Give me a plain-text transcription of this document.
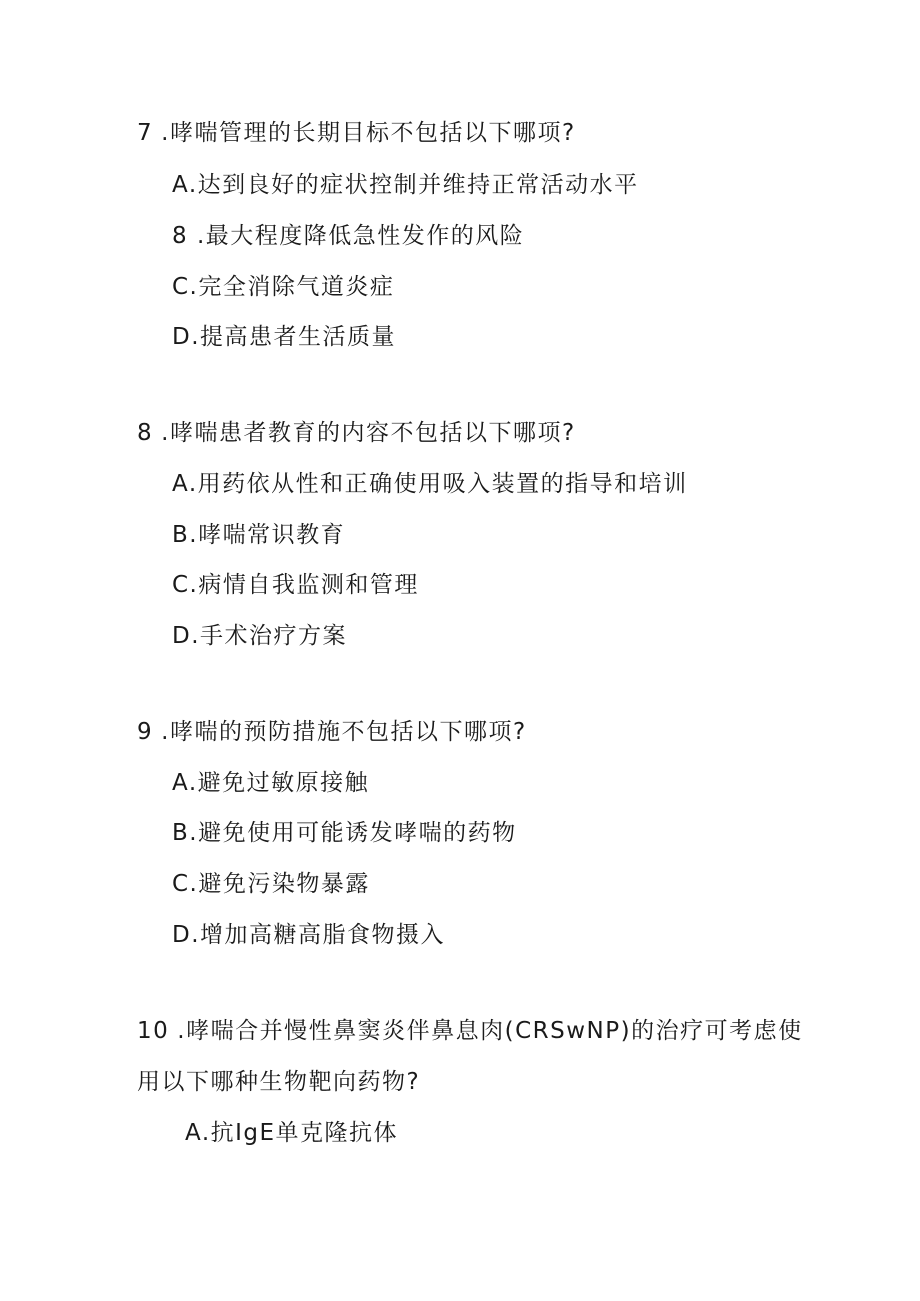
7 .哮喘管理的长期目标不包括以下哪项?
A.达到良好的症状控制并维持正常活动水平
8 .最大程度降低急性发作的风险
C.完全消除气道炎症
D.提高患者生活质量
8 .哮喘患者教育的内容不包括以下哪项?
A.用药依从性和正确使用吸入装置的指导和培训
B.哮喘常识教育
C.病情自我监测和管理
D.手术治疗方案
9 .哮喘的预防措施不包括以下哪项?
A.避免过敏原接触
B.避免使用可能诱发哮喘的药物
C.避免污染物暴露
D.增加高糖高脂食物摄入
10 .哮喘合并慢性鼻窦炎伴鼻息肉(CRSwNP)的治疗可考虑使
用以下哪种生物靶向药物?
A.抗IgE单克隆抗体
